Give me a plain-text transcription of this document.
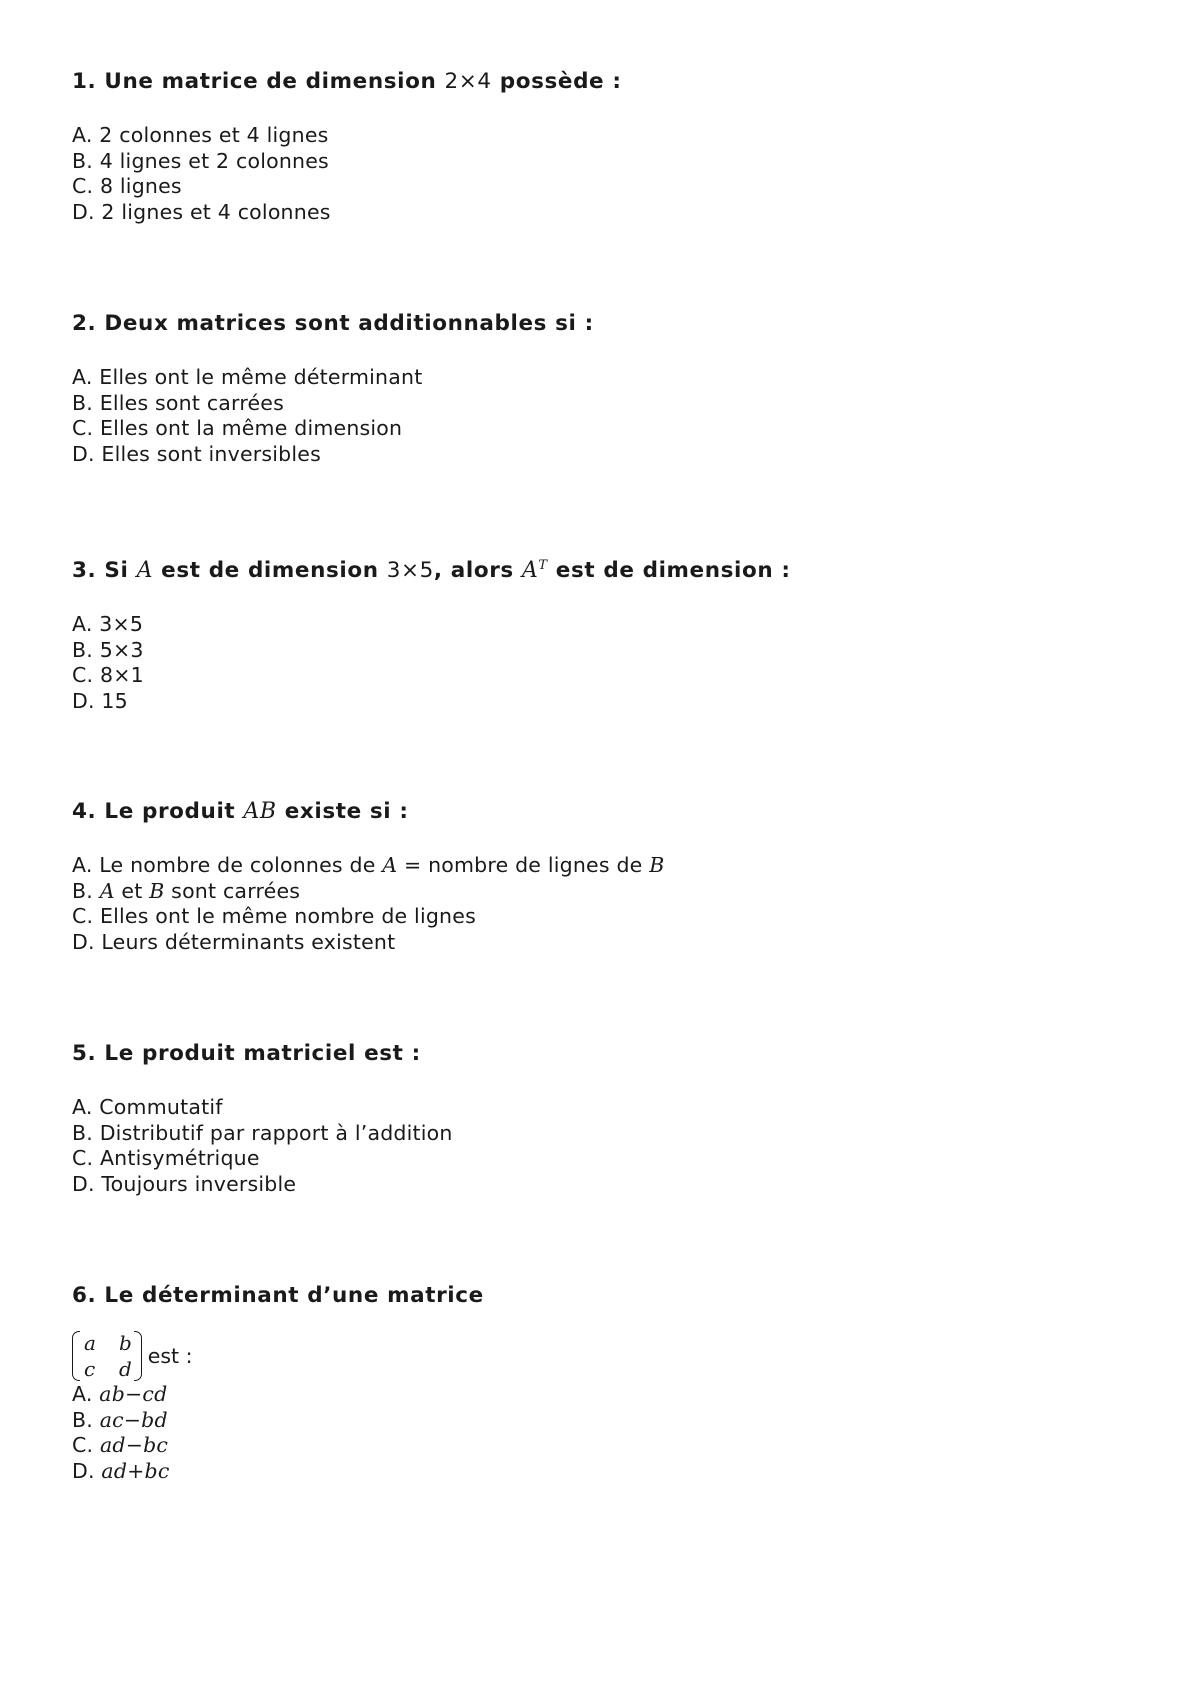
1. Une matrice de dimension 2×4 possède :

A. 2 colonnes et 4 lignes
B. 4 lignes et 2 colonnes
C. 8 lignes
D. 2 lignes et 4 colonnes

2. Deux matrices sont additionnables si :

A. Elles ont le même déterminant
B. Elles sont carrées
C. Elles ont la même dimension
D. Elles sont inversibles

3. Si A est de dimension 3×5, alors $A^T$ est de dimension :

A. 3×5
B. 5×3
C. 8×1
D. 15

4. Le produit AB existe si :

A. Le nombre de colonnes de A = nombre de lignes de B
B. A et B sont carrées
C. Elles ont le même nombre de lignes
D. Leurs déterminants existent

5. Le produit matriciel est :

A. Commutatif
B. Distributif par rapport à l’addition
C. Antisymétrique
D. Toujours inversible

6. Le déterminant d’une matrice

a	b
c	d
est :
A. ab−cd
B. ac−bd
C. ad−bc
D. ad+bc
